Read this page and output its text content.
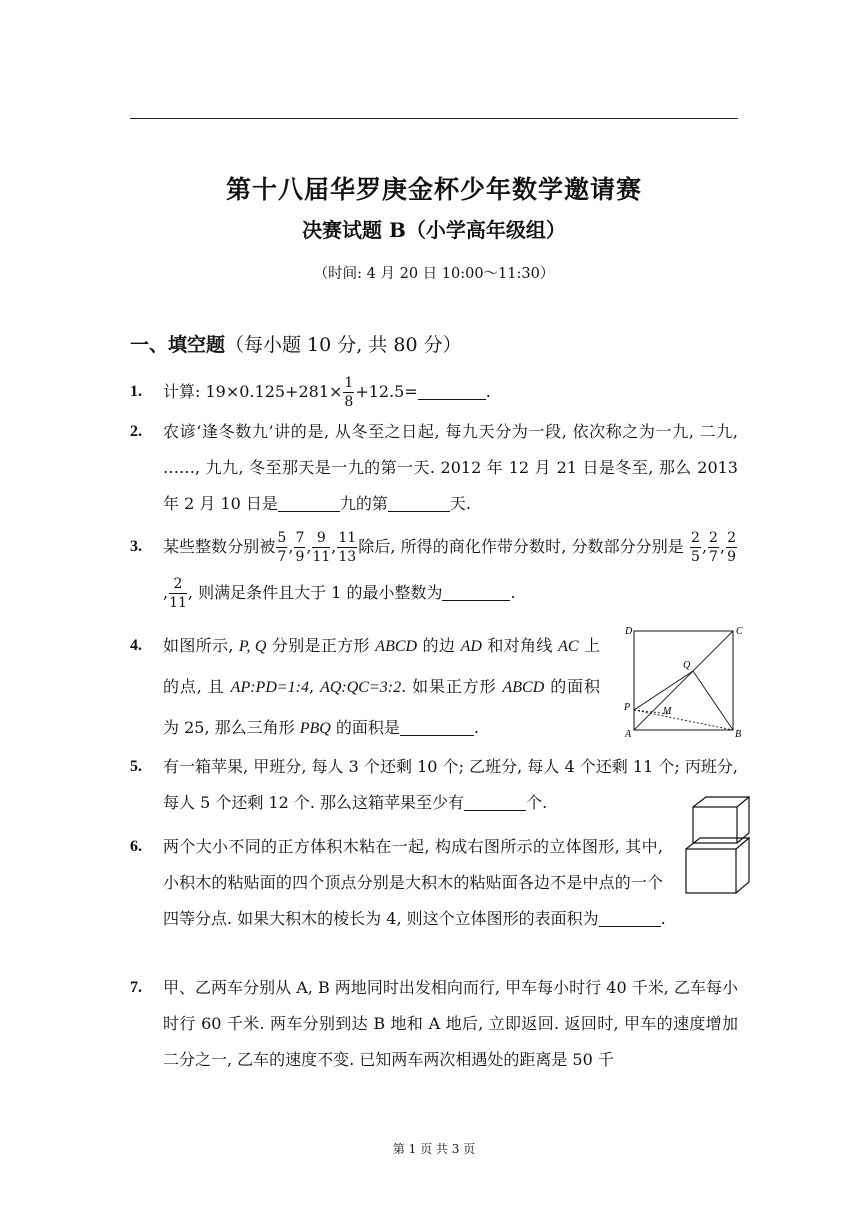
第十八届华罗庚金杯少年数学邀请赛
决赛试题 B（小学高年级组）
（时间: 4 月 20 日 10:00～11:30）
一、填空题（每小题 10 分, 共 80 分）
1. 计算: $19\times 0.125+281\times \frac{1}{8} +12.5=$	.
2. 农谚‘逢冬数九’讲的是, 从冬至之日起, 每九天分为一段, 依次称之为一九, 二九, ……, 九九, 冬至那天是一九的第一天. 2012 年 12 月 21 日是冬至, 那么 2013 年 2 月 10 日是	九的第	天.
3. 某些整数分别被 $\frac{5}{7}$ , $\frac{7}{9}$ , $\frac{9}{11}$ , $\frac{11}{13}$ 除后, 所得的商化作带分数时, 分数部分分别是 $\frac{2}{5}$ , $\frac{2}{7}$ , $\frac{2}{9}$
, $\frac{2}{11}$ , 则满足条件且大于 1 的最小整数为	.
4. 如图所示, P, Q 分别是正方形 ABCD 的边 AD 和对角线 AC 上的点, 且 AP:PD=1:4, AQ:QC=3:2. 如果正方形 ABCD 的面积为 25, 那么三角形 PBQ 的面积是	.
D	C
A	B
P
Q
M
5. 有一箱苹果, 甲班分, 每人 3 个还剩 10 个; 乙班分, 每人 4 个还剩 11 个; 丙班分, 每人 5 个还剩 12 个. 那么这箱苹果至少有	个.
6. 两个大小不同的正方体积木粘在一起, 构成右图所示的立体图形, 其中, 小积木的粘贴面的四个顶点分别是大积木的粘贴面各边不是中点的一个四等分点. 如果大积木的棱长为 4, 则这个立体图形的表面积为	.
7. 甲、乙两车分别从 A, B 两地同时出发相向而行, 甲车每小时行 40 千米, 乙车每小时行 60 千米. 两车分别到达 B 地和 A 地后, 立即返回. 返回时, 甲车的速度增加二分之一, 乙车的速度不变. 已知两车两次相遇处的距离是 50 千
第 1 页 共 3 页
